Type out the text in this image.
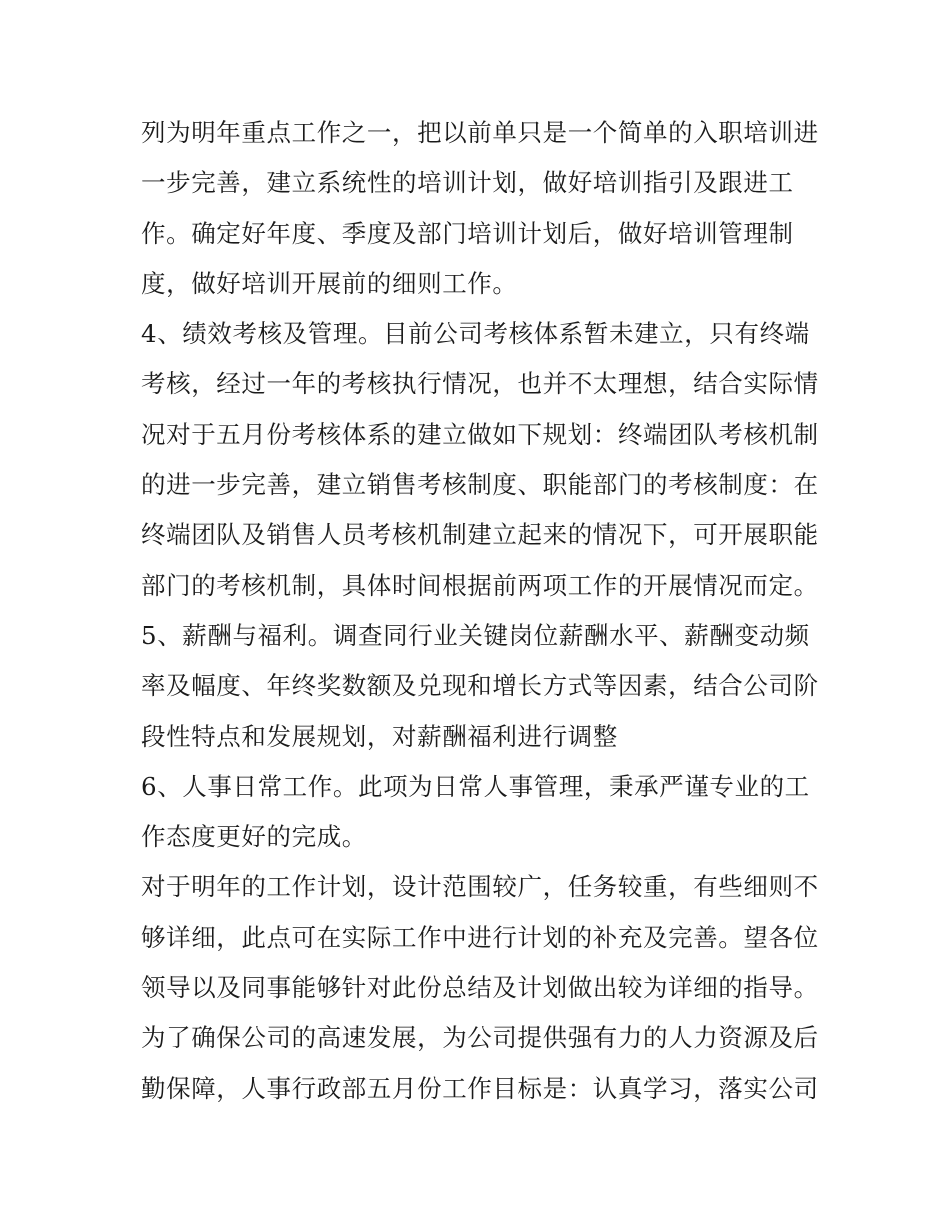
列为明年重点工作之一，把以前单只是一个简单的入职培训进
一步完善，建立系统性的培训计划，做好培训指引及跟进工
作。确定好年度、季度及部门培训计划后，做好培训管理制
度，做好培训开展前的细则工作。
4、绩效考核及管理。目前公司考核体系暂未建立，只有终端
考核，经过一年的考核执行情况，也并不太理想，结合实际情
况对于五月份考核体系的建立做如下规划：终端团队考核机制
的进一步完善，建立销售考核制度、职能部门的考核制度：在
终端团队及销售人员考核机制建立起来的情况下，可开展职能
部门的考核机制，具体时间根据前两项工作的开展情况而定。
5、薪酬与福利。调查同行业关键岗位薪酬水平、薪酬变动频
率及幅度、年终奖数额及兑现和增长方式等因素，结合公司阶
段性特点和发展规划，对薪酬福利进行调整
6、人事日常工作。此项为日常人事管理，秉承严谨专业的工
作态度更好的完成。
对于明年的工作计划，设计范围较广，任务较重，有些细则不
够详细，此点可在实际工作中进行计划的补充及完善。望各位
领导以及同事能够针对此份总结及计划做出较为详细的指导。
为了确保公司的高速发展，为公司提供强有力的人力资源及后
勤保障，人事行政部五月份工作目标是：认真学习，落实公司
